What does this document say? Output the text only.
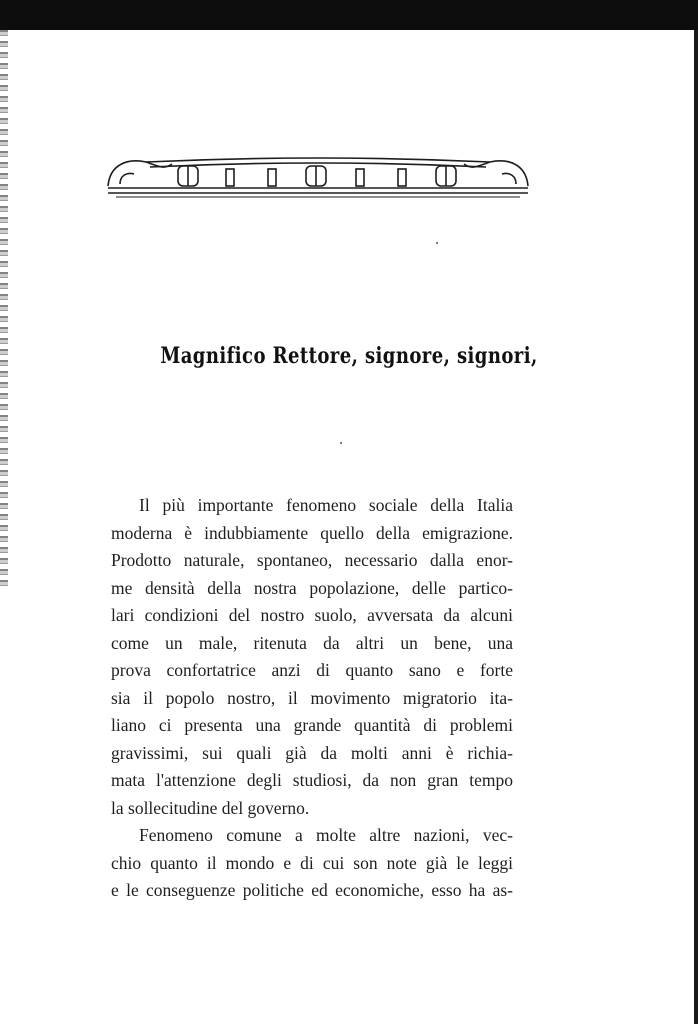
Magnifico Rettore, signore, signori,
Il più importante fenomeno sociale della Italia
moderna è indubbiamente quello della emigrazione.
Prodotto naturale, spontaneo, necessario dalla enor-
me densità della nostra popolazione, delle partico-
lari condizioni del nostro suolo, avversata da alcuni
come un male, ritenuta da altri un bene, una
prova confortatrice anzi di quanto sano e forte
sia il popolo nostro, il movimento migratorio ita-
liano ci presenta una grande quantità di problemi
gravissimi, sui quali già da molti anni è richia-
mata l'attenzione degli studiosi, da non gran tempo
la sollecitudine del governo.
Fenomeno comune a molte altre nazioni, vec-
chio quanto il mondo e di cui son note già le leggi
e le conseguenze politiche ed economiche, esso ha as-
